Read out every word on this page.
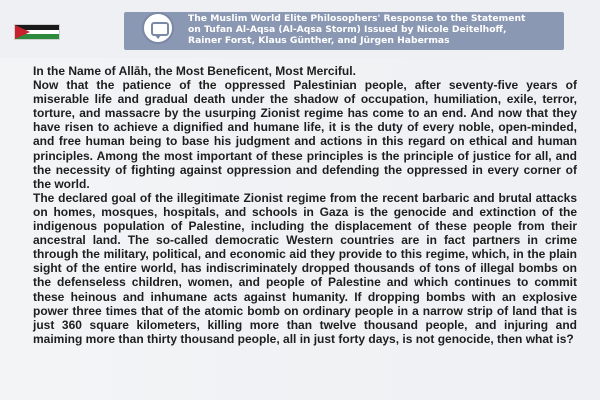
The Muslim World Elite Philosophers' Response to the Statement
on Tufan Al-Aqsa (Al-Aqsa Storm) Issued by Nicole Deitelhoff,
Rainer Forst, Klaus Günther, and Jürgen Habermas

In the Name of Allāh, the Most Beneficent, Most Merciful.

Now that the patience of the oppressed Palestinian people, after seventy-five years of miserable life and gradual death under the shadow of occupation, humiliation, exile, terror, torture, and massacre by the usurping Zionist regime has come to an end. And now that they have risen to achieve a dignified and humane life, it is the duty of every noble, open-minded, and free human being to base his judgment and actions in this regard on ethical and human principles. Among the most important of these principles is the principle of justice for all, and the necessity of fighting against oppression and defending the oppressed in every corner of the world.

The declared goal of the illegitimate Zionist regime from the recent barbaric and brutal attacks on homes, mosques, hospitals, and schools in Gaza is the genocide and extinction of the indigenous population of Palestine, including the displacement of these people from their ancestral land. The so-called democratic Western countries are in fact partners in crime through the military, political, and economic aid they provide to this regime, which, in the plain sight of the entire world, has indiscriminately dropped thousands of tons of illegal bombs on the defenseless children, women, and people of Palestine and which continues to commit these heinous and inhumane acts against humanity. If dropping bombs with an explosive power three times that of the atomic bomb on ordinary people in a narrow strip of land that is just 360 square kilometers, killing more than twelve thousand people, and injuring and maiming more than thirty thousand people, all in just forty days, is not genocide, then what is?
